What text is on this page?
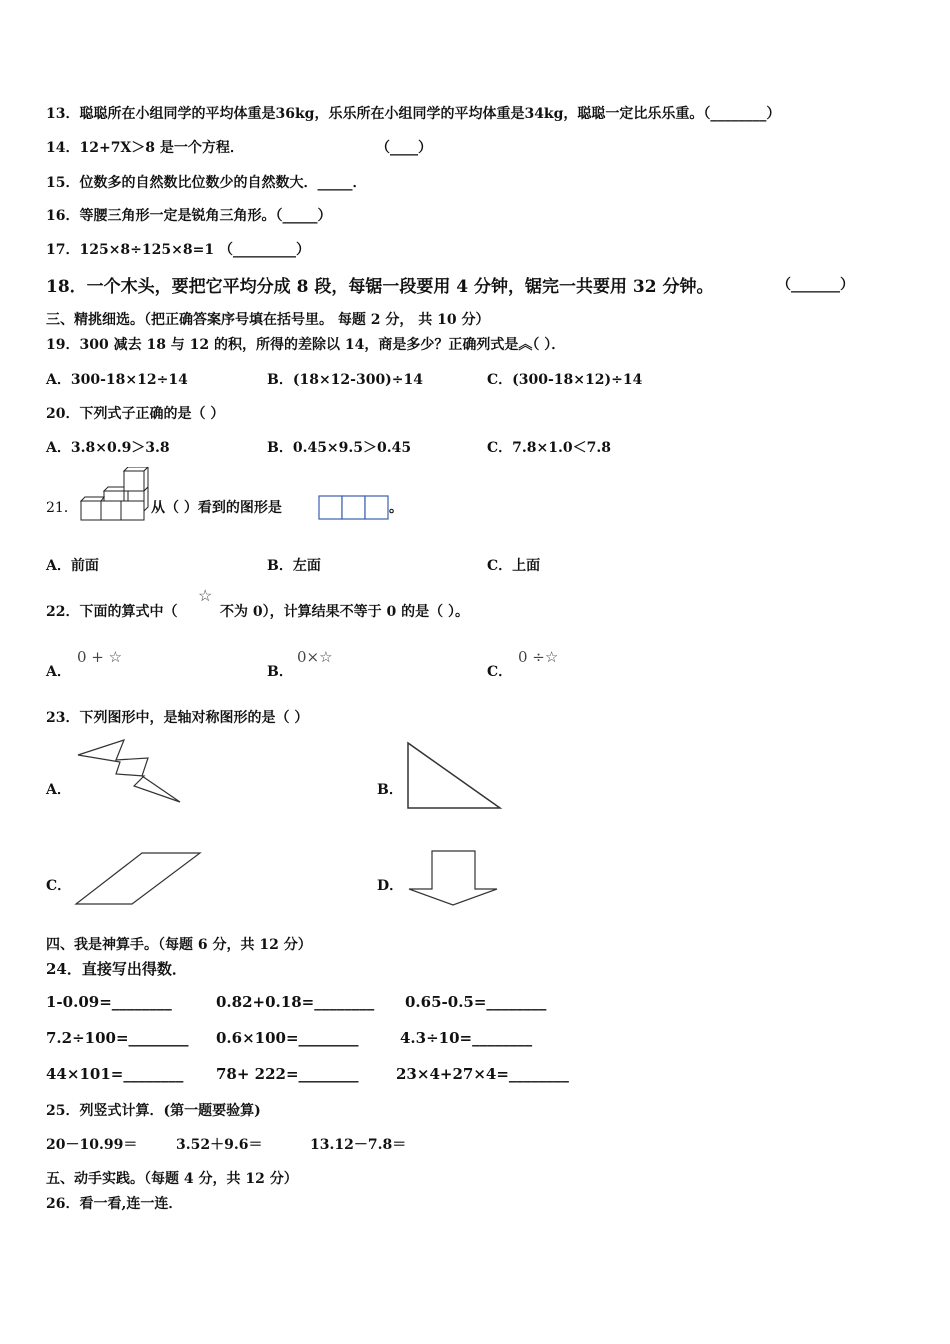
13．聪聪所在小组同学的平均体重是36kg，乐乐所在小组同学的平均体重是34kg，聪聪一定比乐乐重。（________）
14．12+7X＞8 是一个方程．	（____）
15．位数多的自然数比位数少的自然数大．_____．
16．等腰三角形一定是锐角三角形。（_____）
17．125×8÷125×8=1 （_________）
18．一个木头，要把它平均分成 8 段，每锯一段要用 4 分钟，锯完一共要用 32 分钟。	（_______）
三、精挑细选。（把正确答案序号填在括号里。 每题 2 分， 共 10 分）
19．300 减去 18 与 12 的积，所得的差除以 14，商是多少？正确列式是︽（ ）．
A．300-18×12÷14	B．(18×12-300)÷14	C．(300-18×12)÷14
20．下列式子正确的是（ ）
A．3.8×0.9＞3.8	B．0.45×9.5＞0.45	C．7.8×1.0＜7.8
21．	从（ ）看到的图形是	。
A．前面	B．左面	C．上面
22．下面的算式中（
☆
不为 0），计算结果不等于 0 的是（ ）。
A．
0 + ☆
B．
0×☆
C．
0 ÷☆
23．下列图形中，是轴对称图形的是（ ）
A．	B．
C．	D．
四、我是神算手。（每题 6 分，共 12 分）
24．直接写出得数．
1-0.09=________	0.82+0.18=________ 0.65-0.5=________
7.2÷100=________ 0.6×100=________	4.3÷10=________
44×101=________ 78+ 222=________ 23×4+27×4=________
25．列竖式计算．(第一题要验算)
20－10.99＝	3.52＋9.6＝	13.12－7.8＝
五、动手实践。（每题 4 分，共 12 分）
26．看一看,连一连．
